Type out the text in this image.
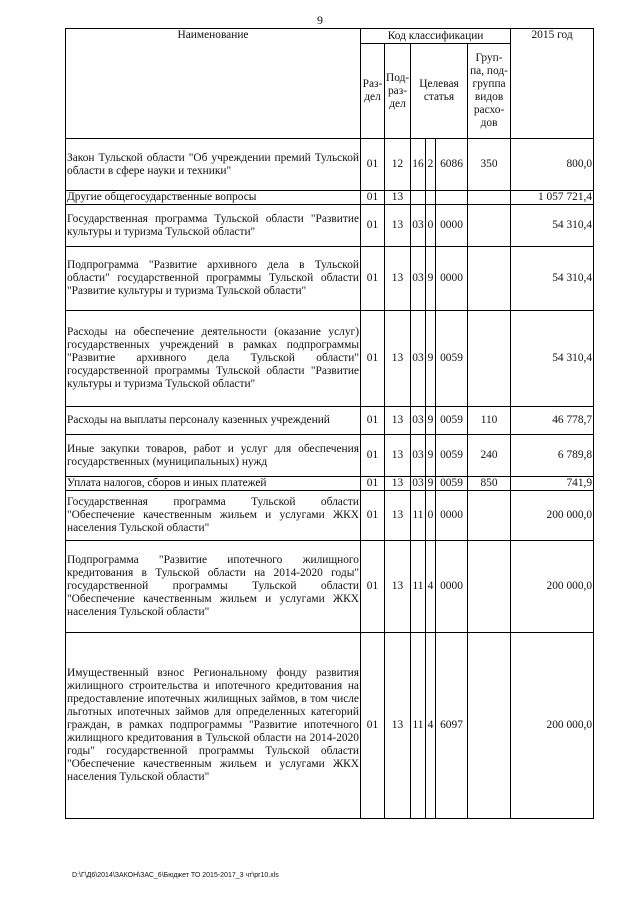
9
Наименование	Код классификации						2015 год
	Раз-дел	Под-раз-дел	Целевая статья			Груп-па, под-группа видов расхо-дов	
Закон Тульской области "Об учреждении премий Тульской области в сфере науки и техники"	01	12	16	2	6086	350	800,0
Другие общегосударственные вопросы	01	13					1 057 721,4
Государственная программа Тульской области "Развитие культуры и туризма Тульской области"	01	13	03	0	0000		54 310,4
Подпрограмма "Развитие архивного дела в Тульской области" государственной программы Тульской области "Развитие культуры и туризма Тульской области"	01	13	03	9	0000		54 310,4
Расходы на обеспечение деятельности (оказание услуг) государственных учреждений в рамках подпрограммы "Развитие архивного дела Тульской области" государственной программы Тульской области "Развитие культуры и туризма Тульской области"	01	13	03	9	0059		54 310,4
Расходы на выплаты персоналу казенных учреждений	01	13	03	9	0059	110	46 778,7
Иные закупки товаров, работ и услуг для обеспечения государственных (муниципальных) нужд	01	13	03	9	0059	240	6 789,8
Уплата налогов, сборов и иных платежей	01	13	03	9	0059	850	741,9
Государственная программа Тульской области "Обеспечение качественным жильем и услугами ЖКХ населения Тульской области"	01	13	11	0	0000		200 000,0
Подпрограмма "Развитие ипотечного жилищного кредитования в Тульской области на 2014-2020 годы" государственной программы Тульской области "Обеспечение качественным жильем и услугами ЖКХ населения Тульской области"	01	13	11	4	0000		200 000,0
Имущественный взнос Региональному фонду развития жилищного строительства и ипотечного кредитования на предоставление ипотечных жилищных займов, в том числе льготных ипотечных займов для определенных категорий граждан, в рамках подпрограммы "Развитие ипотечного жилищного кредитования в Тульской области на 2014-2020 годы" государственной программы Тульской области "Обеспечение качественным жильем и услугами ЖКХ населения Тульской области"	01	13	11	4	6097		200 000,0
D:\Г\Д6\2014\ЗАКОН\ЗАС_6\Бюджет ТО 2015-2017_3 чт\pr10.xls
